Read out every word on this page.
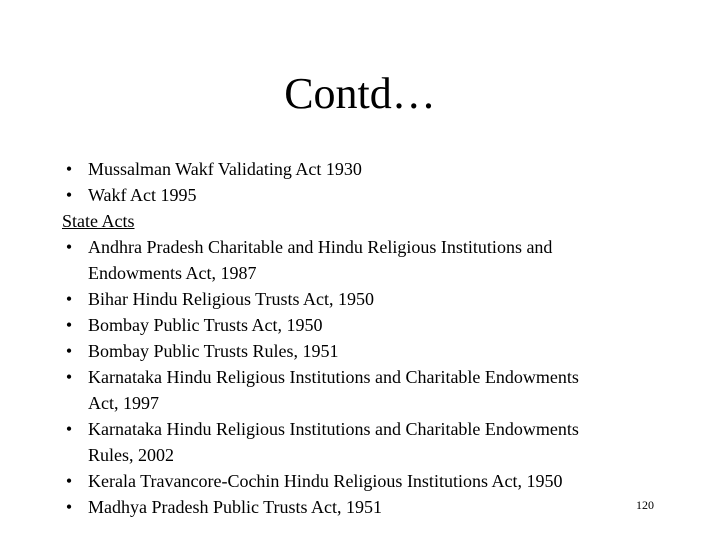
Contd…
• Mussalman Wakf Validating Act 1930
• Wakf Act 1995
State Acts
• Andhra Pradesh Charitable and Hindu Religious Institutions and
Endowments Act, 1987
• Bihar Hindu Religious Trusts Act, 1950
• Bombay Public Trusts Act, 1950
• Bombay Public Trusts Rules, 1951
• Karnataka Hindu Religious Institutions and Charitable Endowments
Act, 1997
• Karnataka Hindu Religious Institutions and Charitable Endowments
Rules, 2002
• Kerala Travancore-Cochin Hindu Religious Institutions Act, 1950
• Madhya Pradesh Public Trusts Act, 1951	120
